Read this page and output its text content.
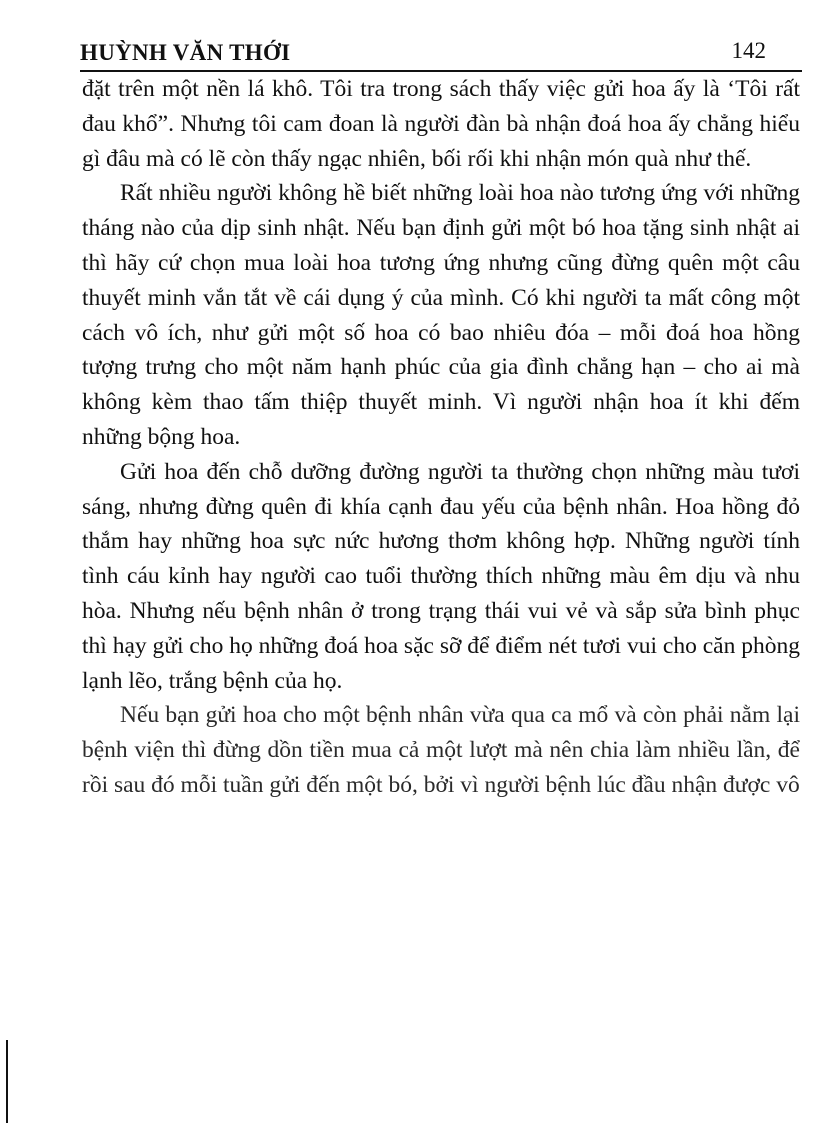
HUỲNH VĂN THỚI	142

đặt trên một nền lá khô. Tôi tra trong sách thấy việc gửi hoa ấy là ‘Tôi rất đau khổ”. Nhưng tôi cam đoan là người đàn bà nhận đoá hoa ấy chẳng hiểu gì đâu mà có lẽ còn thấy ngạc nhiên, bối rối khi nhận món quà như thế.

Rất nhiều người không hề biết những loài hoa nào tương ứng với những tháng nào của dịp sinh nhật. Nếu bạn định gửi một bó hoa tặng sinh nhật ai thì hãy cứ chọn mua loài hoa tương ứng nhưng cũng đừng quên một câu thuyết minh vắn tắt về cái dụng ý của mình. Có khi người ta mất công một cách vô ích, như gửi một số hoa có bao nhiêu đóa – mỗi đoá hoa hồng tượng trưng cho một năm hạnh phúc của gia đình chẳng hạn – cho ai mà không kèm thao tấm thiệp thuyết minh. Vì người nhận hoa ít khi đếm những bộng hoa.

Gửi hoa đến chỗ dưỡng đường người ta thường chọn những màu tươi sáng, nhưng đừng quên đi khía cạnh đau yếu của bệnh nhân. Hoa hồng đỏ thắm hay những hoa sực nức hương thơm không hợp. Những người tính tình cáu kỉnh hay người cao tuổi thường thích những màu êm dịu và nhu hòa. Nhưng nếu bệnh nhân ở trong trạng thái vui vẻ và sắp sửa bình phục thì hạy gửi cho họ những đoá hoa sặc sỡ để điểm nét tươi vui cho căn phòng lạnh lẽo, trắng bệnh của họ.

Nếu bạn gửi hoa cho một bệnh nhân vừa qua ca mổ và còn phải nằm lại bệnh viện thì đừng dồn tiền mua cả một lượt mà nên chia làm nhiều lần, để rồi sau đó mỗi tuần gửi đến một bó, bởi vì người bệnh lúc đầu nhận được vô
